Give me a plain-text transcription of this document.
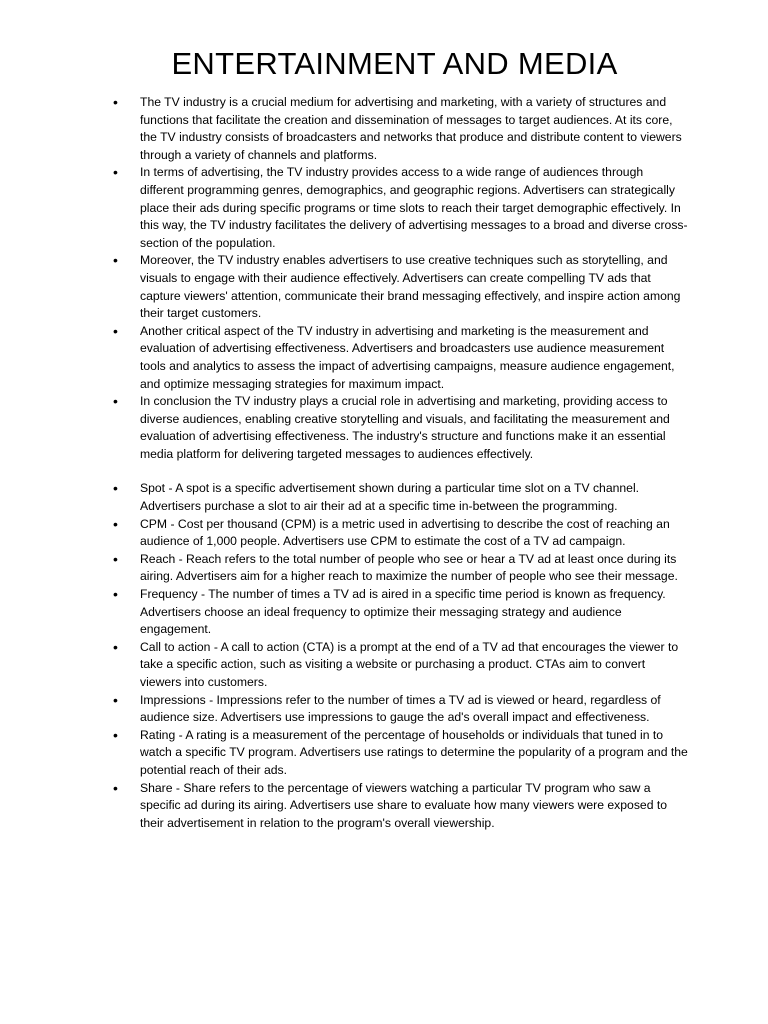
ENTERTAINMENT AND MEDIA
• The TV industry is a crucial medium for advertising and marketing, with a variety of structures and functions that facilitate the creation and dissemination of messages to target audiences. At its core, the TV industry consists of broadcasters and networks that produce and distribute content to viewers through a variety of channels and platforms.
• In terms of advertising, the TV industry provides access to a wide range of audiences through different programming genres, demographics, and geographic regions. Advertisers can strategically place their ads during specific programs or time slots to reach their target demographic effectively. In this way, the TV industry facilitates the delivery of advertising messages to a broad and diverse cross-section of the population.
• Moreover, the TV industry enables advertisers to use creative techniques such as storytelling, and visuals to engage with their audience effectively. Advertisers can create compelling TV ads that capture viewers' attention, communicate their brand messaging effectively, and inspire action among their target customers.
• Another critical aspect of the TV industry in advertising and marketing is the measurement and evaluation of advertising effectiveness. Advertisers and broadcasters use audience measurement tools and analytics to assess the impact of advertising campaigns, measure audience engagement, and optimize messaging strategies for maximum impact.
• In conclusion the TV industry plays a crucial role in advertising and marketing, providing access to diverse audiences, enabling creative storytelling and visuals, and facilitating the measurement and evaluation of advertising effectiveness. The industry's structure and functions make it an essential media platform for delivering targeted messages to audiences effectively.
• Spot - A spot is a specific advertisement shown during a particular time slot on a TV channel. Advertisers purchase a slot to air their ad at a specific time in-between the programming.
• CPM - Cost per thousand (CPM) is a metric used in advertising to describe the cost of reaching an audience of 1,000 people. Advertisers use CPM to estimate the cost of a TV ad campaign.
• Reach - Reach refers to the total number of people who see or hear a TV ad at least once during its airing. Advertisers aim for a higher reach to maximize the number of people who see their message.
• Frequency - The number of times a TV ad is aired in a specific time period is known as frequency. Advertisers choose an ideal frequency to optimize their messaging strategy and audience engagement.
• Call to action - A call to action (CTA) is a prompt at the end of a TV ad that encourages the viewer to take a specific action, such as visiting a website or purchasing a product. CTAs aim to convert viewers into customers.
• Impressions - Impressions refer to the number of times a TV ad is viewed or heard, regardless of audience size. Advertisers use impressions to gauge the ad's overall impact and effectiveness.
• Rating - A rating is a measurement of the percentage of households or individuals that tuned in to watch a specific TV program. Advertisers use ratings to determine the popularity of a program and the potential reach of their ads.
• Share - Share refers to the percentage of viewers watching a particular TV program who saw a specific ad during its airing. Advertisers use share to evaluate how many viewers were exposed to their advertisement in relation to the program's overall viewership.
